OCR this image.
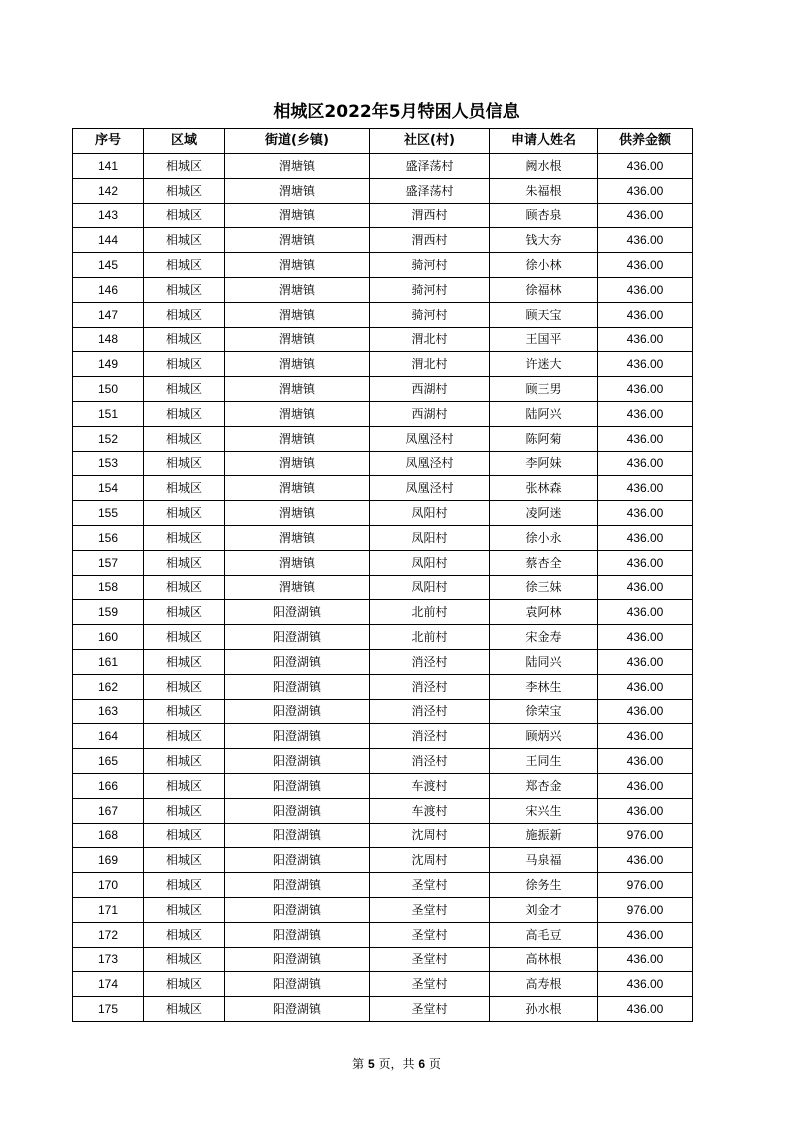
相城区2022年5月特困人员信息
序号	区域	街道(乡镇)	社区(村)	申请人姓名	供养金额
141	相城区	渭塘镇	盛泽荡村	阙水根	436.00
142	相城区	渭塘镇	盛泽荡村	朱福根	436.00
143	相城区	渭塘镇	渭西村	顾杏泉	436.00
144	相城区	渭塘镇	渭西村	钱大夯	436.00
145	相城区	渭塘镇	骑河村	徐小林	436.00
146	相城区	渭塘镇	骑河村	徐福林	436.00
147	相城区	渭塘镇	骑河村	顾天宝	436.00
148	相城区	渭塘镇	渭北村	王国平	436.00
149	相城区	渭塘镇	渭北村	许迷大	436.00
150	相城区	渭塘镇	西湖村	顾三男	436.00
151	相城区	渭塘镇	西湖村	陆阿兴	436.00
152	相城区	渭塘镇	凤凰泾村	陈阿菊	436.00
153	相城区	渭塘镇	凤凰泾村	李阿妹	436.00
154	相城区	渭塘镇	凤凰泾村	张林森	436.00
155	相城区	渭塘镇	凤阳村	凌阿迷	436.00
156	相城区	渭塘镇	凤阳村	徐小永	436.00
157	相城区	渭塘镇	凤阳村	蔡杏全	436.00
158	相城区	渭塘镇	凤阳村	徐三妹	436.00
159	相城区	阳澄湖镇	北前村	袁阿林	436.00
160	相城区	阳澄湖镇	北前村	宋金寿	436.00
161	相城区	阳澄湖镇	消泾村	陆同兴	436.00
162	相城区	阳澄湖镇	消泾村	李林生	436.00
163	相城区	阳澄湖镇	消泾村	徐荣宝	436.00
164	相城区	阳澄湖镇	消泾村	顾炳兴	436.00
165	相城区	阳澄湖镇	消泾村	王同生	436.00
166	相城区	阳澄湖镇	车渡村	郑杏金	436.00
167	相城区	阳澄湖镇	车渡村	宋兴生	436.00
168	相城区	阳澄湖镇	沈周村	施振新	976.00
169	相城区	阳澄湖镇	沈周村	马泉福	436.00
170	相城区	阳澄湖镇	圣堂村	徐务生	976.00
171	相城区	阳澄湖镇	圣堂村	刘金才	976.00
172	相城区	阳澄湖镇	圣堂村	高毛豆	436.00
173	相城区	阳澄湖镇	圣堂村	高林根	436.00
174	相城区	阳澄湖镇	圣堂村	高寿根	436.00
175	相城区	阳澄湖镇	圣堂村	孙水根	436.00
第 5 页，共 6 页
